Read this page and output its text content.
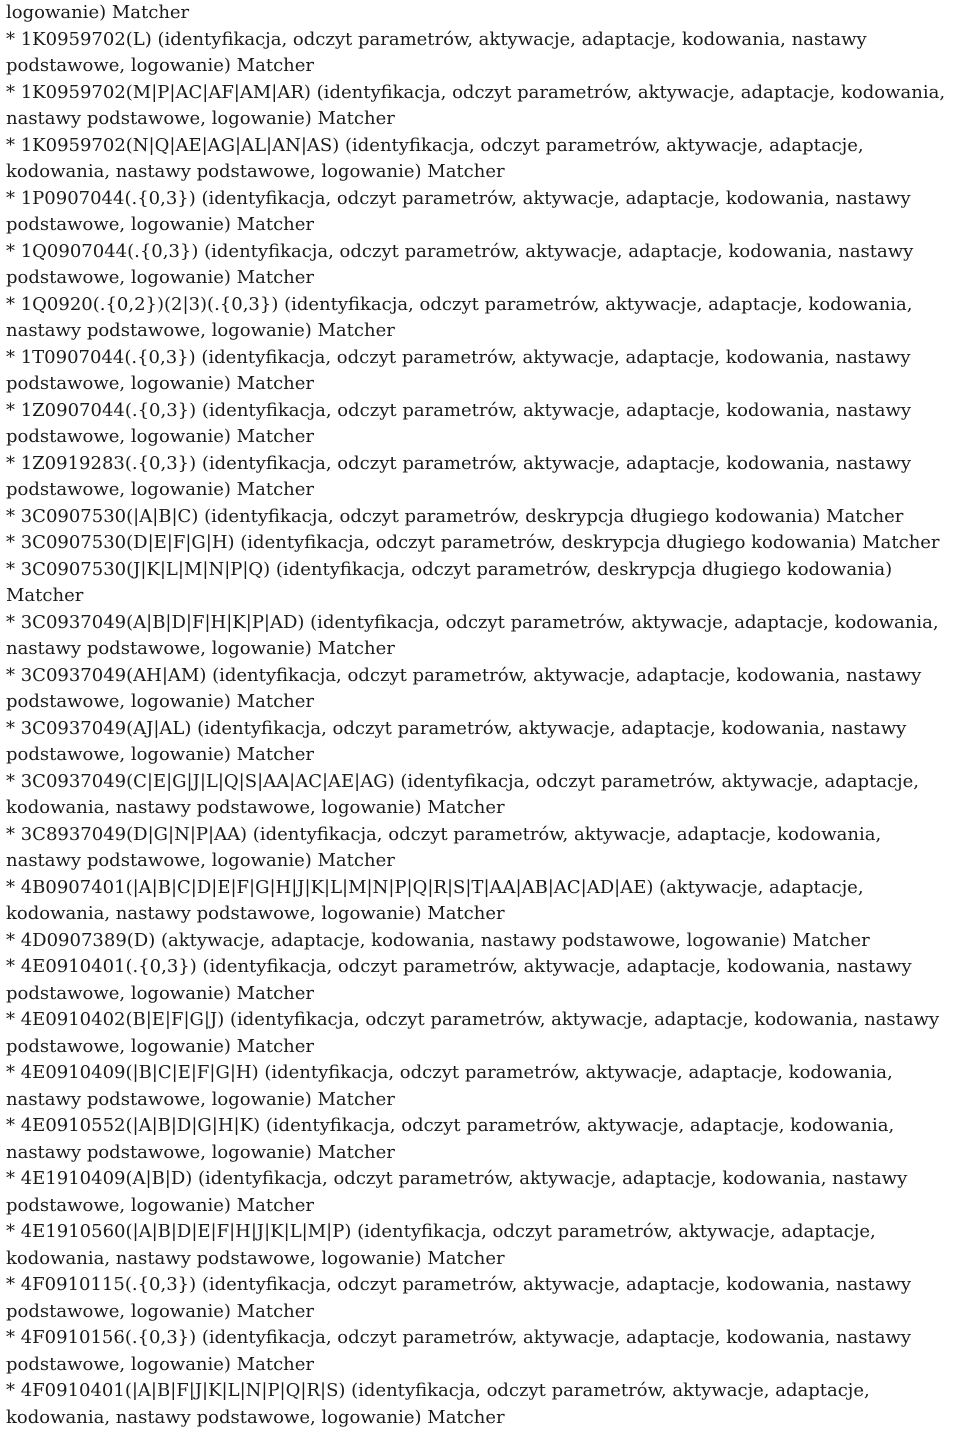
logowanie) Matcher

* 1K0959702(L) (identyfikacja, odczyt parametrów, aktywacje, adaptacje, kodowania, nastawy podstawowe, logowanie) Matcher

* 1K0959702(M|P|AC|AF|AM|AR) (identyfikacja, odczyt parametrów, aktywacje, adaptacje, kodowania, nastawy podstawowe, logowanie) Matcher

* 1K0959702(N|Q|AE|AG|AL|AN|AS) (identyfikacja, odczyt parametrów, aktywacje, adaptacje, kodowania, nastawy podstawowe, logowanie) Matcher

* 1P0907044(.{0,3}) (identyfikacja, odczyt parametrów, aktywacje, adaptacje, kodowania, nastawy podstawowe, logowanie) Matcher

* 1Q0907044(.{0,3}) (identyfikacja, odczyt parametrów, aktywacje, adaptacje, kodowania, nastawy podstawowe, logowanie) Matcher

* 1Q0920(.{0,2})(2|3)(.{0,3}) (identyfikacja, odczyt parametrów, aktywacje, adaptacje, kodowania, nastawy podstawowe, logowanie) Matcher

* 1T0907044(.{0,3}) (identyfikacja, odczyt parametrów, aktywacje, adaptacje, kodowania, nastawy podstawowe, logowanie) Matcher

* 1Z0907044(.{0,3}) (identyfikacja, odczyt parametrów, aktywacje, adaptacje, kodowania, nastawy podstawowe, logowanie) Matcher

* 1Z0919283(.{0,3}) (identyfikacja, odczyt parametrów, aktywacje, adaptacje, kodowania, nastawy podstawowe, logowanie) Matcher

* 3C0907530(|A|B|C) (identyfikacja, odczyt parametrów, deskrypcja długiego kodowania) Matcher

* 3C0907530(D|E|F|G|H) (identyfikacja, odczyt parametrów, deskrypcja długiego kodowania) Matcher

* 3C0907530(J|K|L|M|N|P|Q) (identyfikacja, odczyt parametrów, deskrypcja długiego kodowania) Matcher

* 3C0937049(A|B|D|F|H|K|P|AD) (identyfikacja, odczyt parametrów, aktywacje, adaptacje, kodowania, nastawy podstawowe, logowanie) Matcher

* 3C0937049(AH|AM) (identyfikacja, odczyt parametrów, aktywacje, adaptacje, kodowania, nastawy podstawowe, logowanie) Matcher

* 3C0937049(AJ|AL) (identyfikacja, odczyt parametrów, aktywacje, adaptacje, kodowania, nastawy podstawowe, logowanie) Matcher

* 3C0937049(C|E|G|J|L|Q|S|AA|AC|AE|AG) (identyfikacja, odczyt parametrów, aktywacje, adaptacje, kodowania, nastawy podstawowe, logowanie) Matcher

* 3C8937049(D|G|N|P|AA) (identyfikacja, odczyt parametrów, aktywacje, adaptacje, kodowania, nastawy podstawowe, logowanie) Matcher

* 4B0907401(|A|B|C|D|E|F|G|H|J|K|L|M|N|P|Q|R|S|T|AA|AB|AC|AD|AE) (aktywacje, adaptacje, kodowania, nastawy podstawowe, logowanie) Matcher

* 4D0907389(D) (aktywacje, adaptacje, kodowania, nastawy podstawowe, logowanie) Matcher

* 4E0910401(.{0,3}) (identyfikacja, odczyt parametrów, aktywacje, adaptacje, kodowania, nastawy podstawowe, logowanie) Matcher

* 4E0910402(B|E|F|G|J) (identyfikacja, odczyt parametrów, aktywacje, adaptacje, kodowania, nastawy podstawowe, logowanie) Matcher

* 4E0910409(|B|C|E|F|G|H) (identyfikacja, odczyt parametrów, aktywacje, adaptacje, kodowania, nastawy podstawowe, logowanie) Matcher

* 4E0910552(|A|B|D|G|H|K) (identyfikacja, odczyt parametrów, aktywacje, adaptacje, kodowania, nastawy podstawowe, logowanie) Matcher

* 4E1910409(A|B|D) (identyfikacja, odczyt parametrów, aktywacje, adaptacje, kodowania, nastawy podstawowe, logowanie) Matcher

* 4E1910560(|A|B|D|E|F|H|J|K|L|M|P) (identyfikacja, odczyt parametrów, aktywacje, adaptacje, kodowania, nastawy podstawowe, logowanie) Matcher

* 4F0910115(.{0,3}) (identyfikacja, odczyt parametrów, aktywacje, adaptacje, kodowania, nastawy podstawowe, logowanie) Matcher

* 4F0910156(.{0,3}) (identyfikacja, odczyt parametrów, aktywacje, adaptacje, kodowania, nastawy podstawowe, logowanie) Matcher

* 4F0910401(|A|B|F|J|K|L|N|P|Q|R|S) (identyfikacja, odczyt parametrów, aktywacje, adaptacje, kodowania, nastawy podstawowe, logowanie) Matcher
